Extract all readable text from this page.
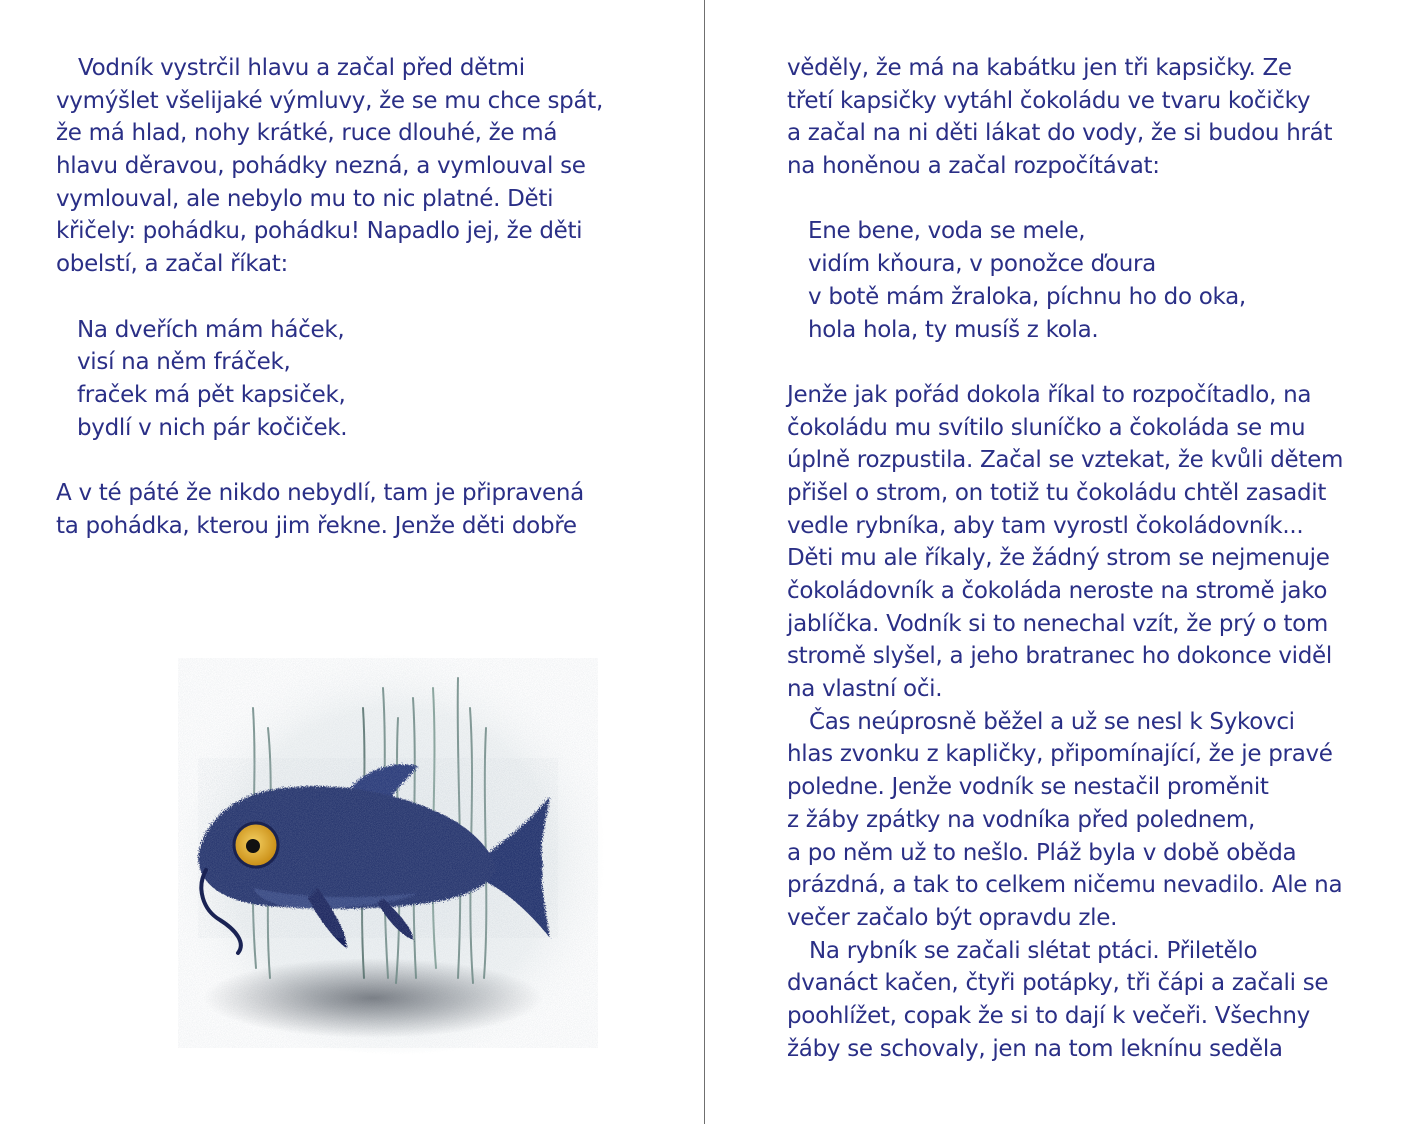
Vodník vystrčil hlavu a začal před dětmi
vymýšlet všelijaké výmluvy, že se mu chce spát,
že má hlad, nohy krátké, ruce dlouhé, že má
hlavu děravou, pohádky nezná, a vymlouval se
vymlouval, ale nebylo mu to nic platné. Děti
křičely: pohádku, pohádku! Napadlo jej, že děti
obelstí, a začal říkat:
Na dveřích mám háček,
visí na něm fráček,
fraček má pět kapsiček,
bydlí v nich pár kočiček.
A v té páté že nikdo nebydlí, tam je připravená
ta pohádka, kterou jim řekne. Jenže děti dobře
věděly, že má na kabátku jen tři kapsičky. Ze
třetí kapsičky vytáhl čokoládu ve tvaru kočičky
a začal na ni děti lákat do vody, že si budou hrát
na honěnou a začal rozpočítávat:
Ene bene, voda se mele,
vidím kňoura, v ponožce ďoura
v botě mám žraloka, píchnu ho do oka,
hola hola, ty musíš z kola.
Jenže jak pořád dokola říkal to rozpočítadlo, na
čokoládu mu svítilo sluníčko a čokoláda se mu
úplně rozpustila. Začal se vztekat, že kvůli dětem
přišel o strom, on totiž tu čokoládu chtěl zasadit
vedle rybníka, aby tam vyrostl čokoládovník...
Děti mu ale říkaly, že žádný strom se nejmenuje
čokoládovník a čokoláda neroste na stromě jako
jablíčka. Vodník si to nenechal vzít, že prý o tom
stromě slyšel, a jeho bratranec ho dokonce viděl
na vlastní oči.
Čas neúprosně běžel a už se nesl k Sykovci
hlas zvonku z kapličky, připomínající, že je pravé
poledne. Jenže vodník se nestačil proměnit
z žáby zpátky na vodníka před polednem,
a po něm už to nešlo. Pláž byla v době oběda
prázdná, a tak to celkem ničemu nevadilo. Ale na
večer začalo být opravdu zle.
Na rybník se začali slétat ptáci. Přiletělo
dvanáct kačen, čtyři potápky, tři čápi a začali se
poohlížet, copak že si to dají k večeři. Všechny
žáby se schovaly, jen na tom leknínu seděla
